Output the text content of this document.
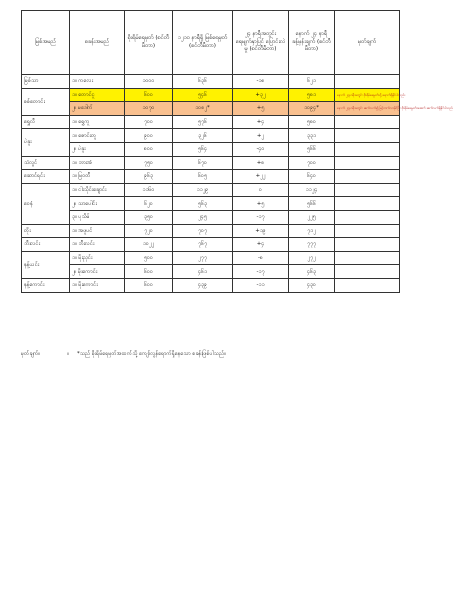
မြစ်အမည်	စခန်းအမည်	စိုးရိမ်ရေမှတ် (စင်တီမီတာ)	၁၂၁၀ နာရီရှိ မြစ်ရေမှတ် (စင်တီမီတာ)	၂၄ နာရီအတွင်း ရေမျက်နှာပြင် ပြောင်းလဲမှု (စင်တီမီတာ)	နောက် ၂၄ နာရီ ခန့်မှန်းချက် (စင်တီမီတာ)	မှတ်ချက်
မြစ်သာ	၁။ ကလေး	၁၀၀၀	၆၃၆	-၁၈	၆၂၁	
စစ်တောင်း	၁။ တောင်ငူ	၆၀၀	၅၄၆	+၃၂	၅၈၁	နောက် ၂၄နာရီအတွင်း စိုးရိမ်ရေမှတ်သို့ ရောက်ရှိနိုင်ပါသည်။
	၂။ မဒေါက်	၁၀၇၀	၁၀၈၂*	+၅	၁၀၉၄*	နောက် ၂၄နာရီအတွင်း ဆက်လက်၍ မြင့်တက်လာနိုင်ပြီး စိုးရိမ်ရေမှတ်အထက် ဆက်လက်ရှိနိုင်ပါသည်။
ရွှေလီ	၁။ ရွှေကူ	၇၀၀	၅၇၆	+၄	၅၈၀	
ပဲခူး	၁။ ဇောင်းတူ	၉၀၀	၃၂၆	+၂	၃၃၁	
	၂။ ပဲခူး	၈၀၀	၅၆၄	-၄၀	၅၆၆	
သံလွင်	၁။ ဘားအံ	၇၅၀	၆၇၀	+၈	၇၀၀	
ဆောင်ရင်း	၁။ မြဝတီ	၉၆၃	၆၀၅	+၂၂	၆၄၀	
ဝေနံ	၁။ ငါးသိုင်းချောင်း	၁၁၆၀	၁၁၂၉	၀	၁၁၂၄	
	၂။ သာပေါင်း	၆၂၀	၅၆၃	+၅	၅၆၆	
	၃။ ပုသိမ်	၃၅၀	၂၄၅	-၁၇	၂၂၅	
တိုး	၁။ အဖူပင်	၇၂၀	၇၀၇	+၁၉	၇၁၂	
ဘီးလင်း	၁။ ဘီးလင်း	၁၀၂၂	၇၆၇	+၄	၇၇၇	
နန့်ယင်း	၁။ မိုးညှင်း	၅၀၀	၂၇၇	-၈	၂၇၂	
	၂။ မိုးကောင်း	၆၀၀	၄၆၁	-၁၇	၄၆၃	
နန့်ကောင်း	၁။ မိုးကောင်း	၆၀၀	၄၃၉	-၁၁	၄၃၀	
မှတ်ချက်။	။ *သည် စိုးရိမ်ရေမှတ်အထက်သို့ ကျော်လွန်ရောက်ရှိနေသော စခန်းဖြစ်ပါသည်။
